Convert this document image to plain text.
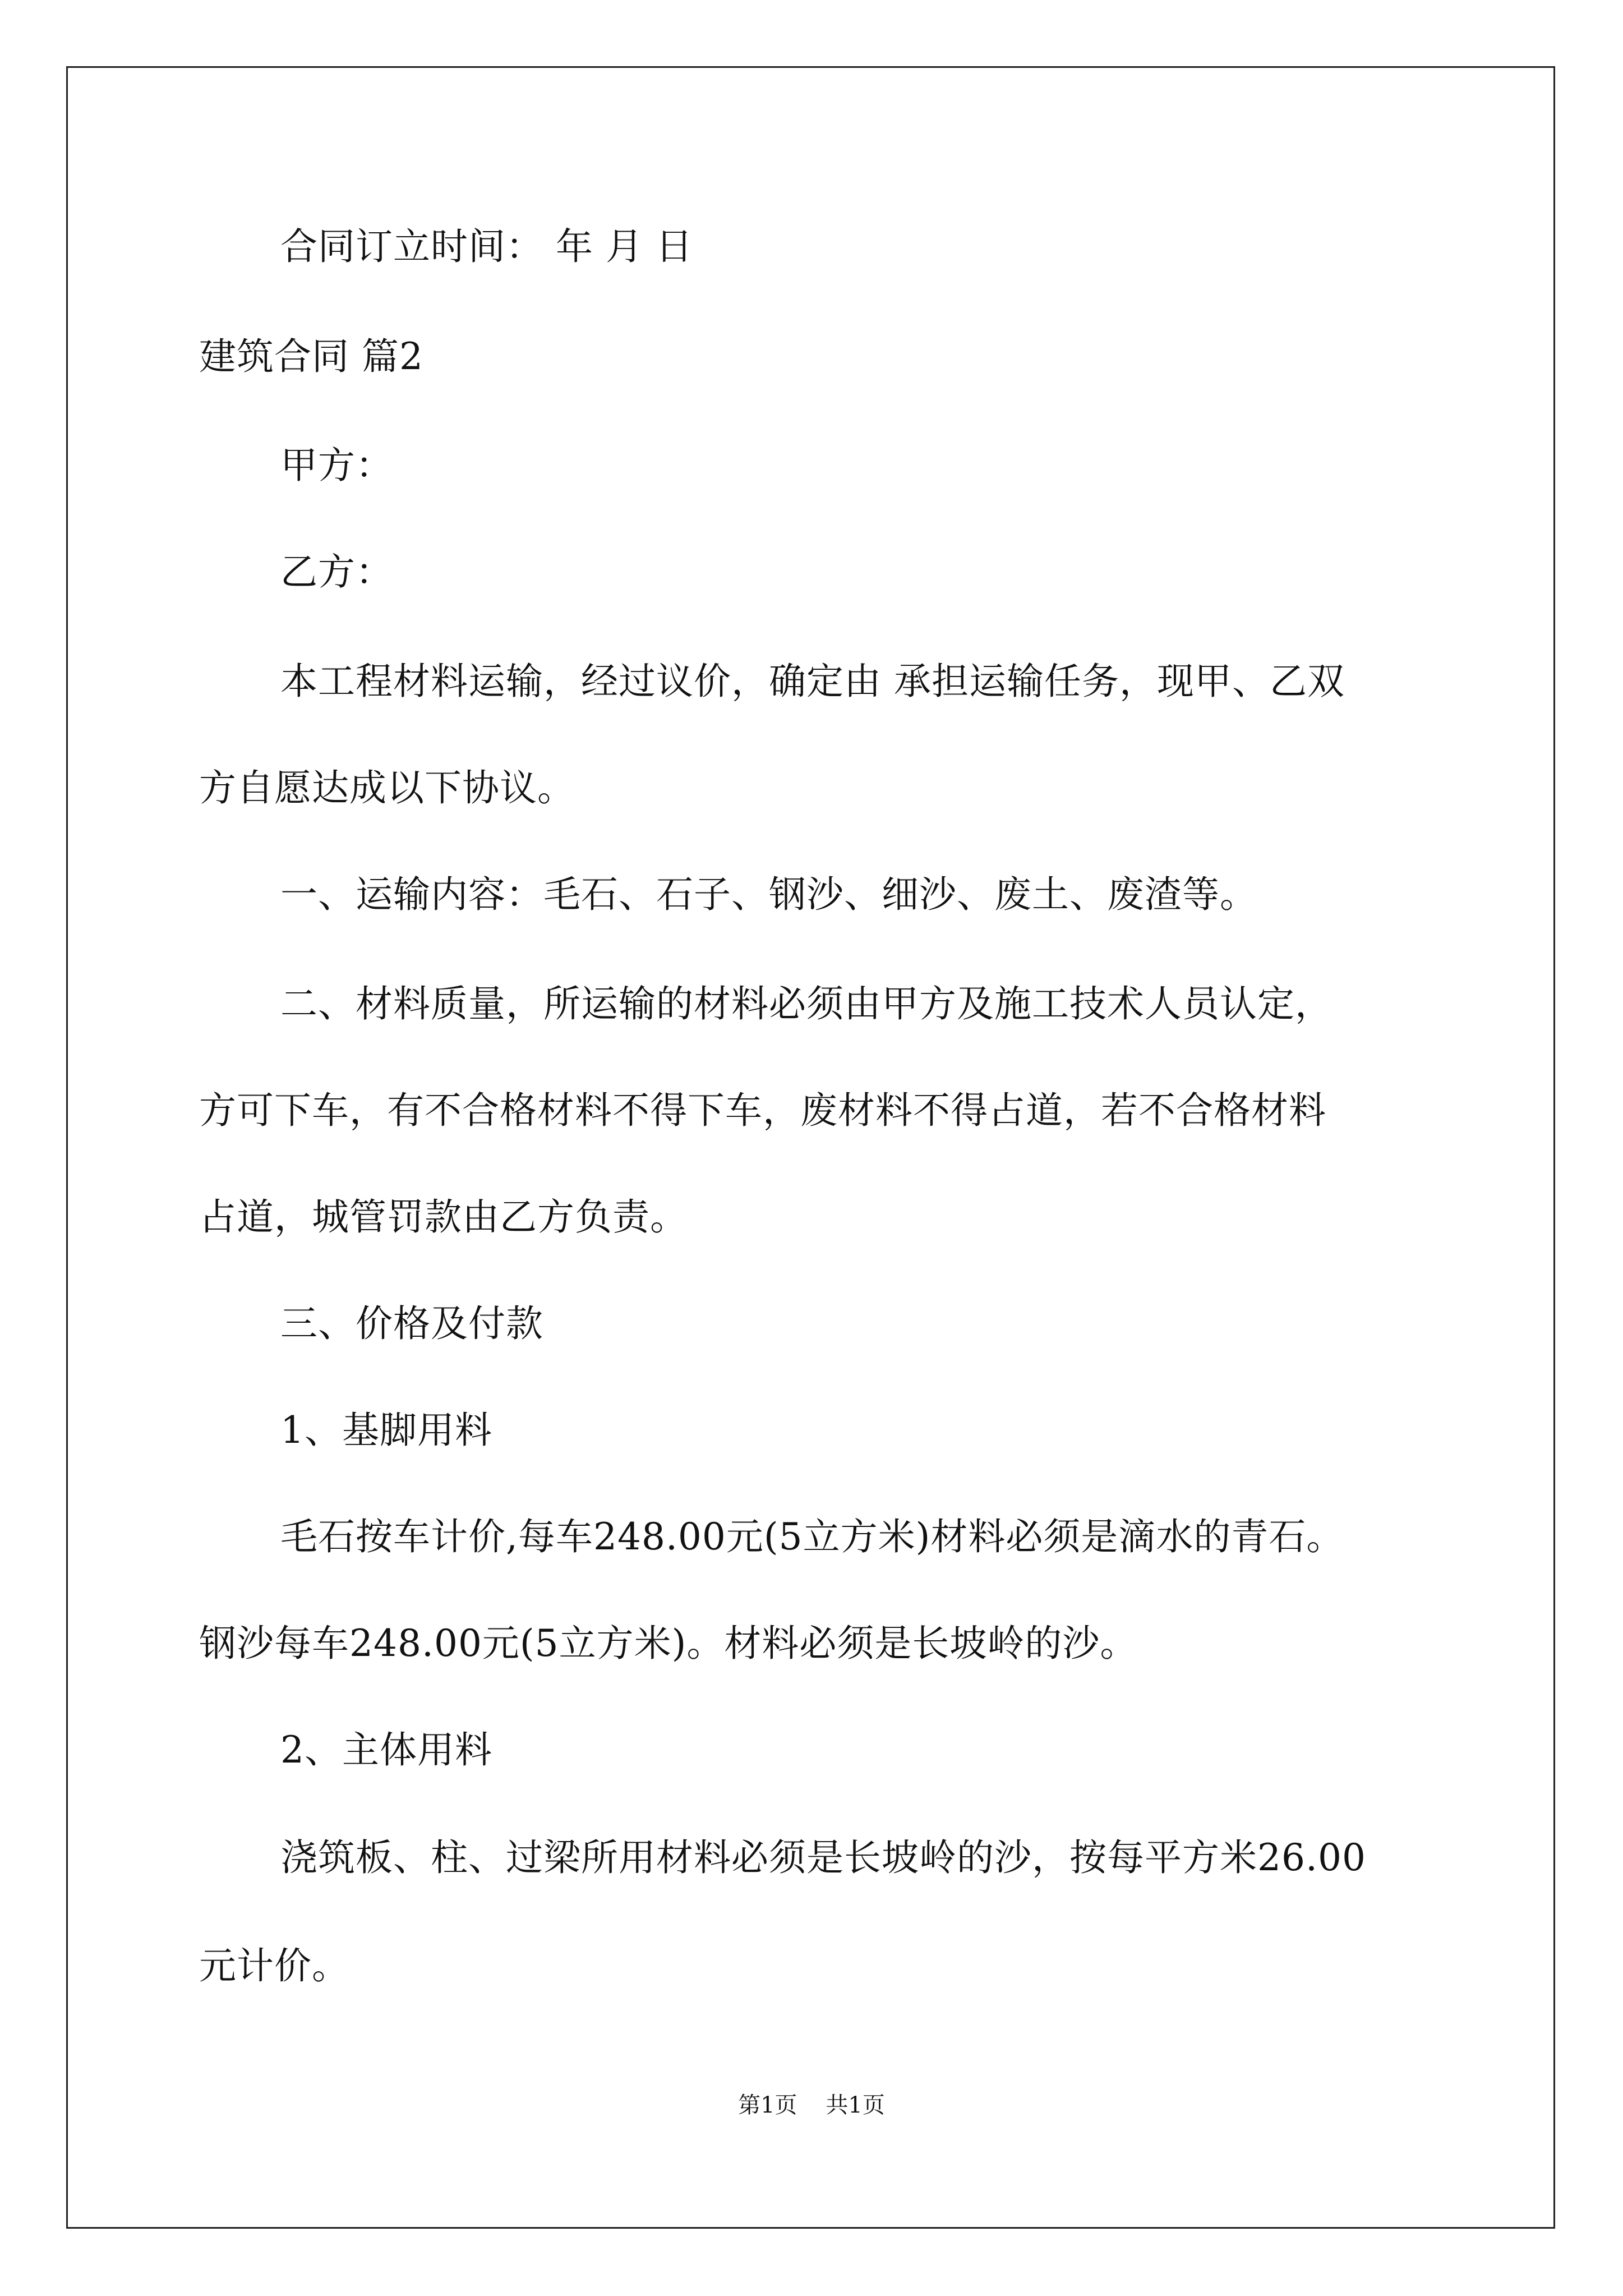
合同订立时间： 年 月 日

建筑合同 篇2

甲方：

乙方：

本工程材料运输，经过议价，确定由 承担运输任务，现甲、乙双

方自愿达成以下协议。

一、运输内容：毛石、石子、钢沙、细沙、废土、废渣等。

二、材料质量，所运输的材料必须由甲方及施工技术人员认定，

方可下车，有不合格材料不得下车，废材料不得占道，若不合格材料

占道，城管罚款由乙方负责。

三、价格及付款

1、基脚用料

毛石按车计价,每车248.00元(5立方米)材料必须是滴水的青石。

钢沙每车248.00元(5立方米)。材料必须是长坡岭的沙。

2、主体用料

浇筑板、柱、过梁所用材料必须是长坡岭的沙，按每平方米26.00

元计价。

第1页    共1页
